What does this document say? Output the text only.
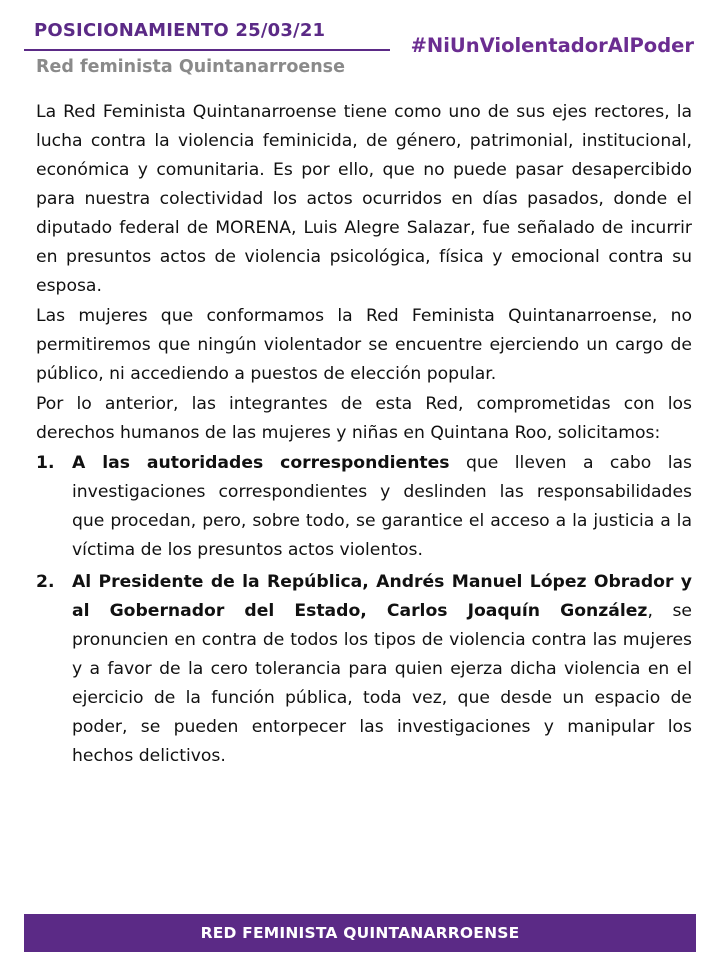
POSICIONAMIENTO 25/03/21
Red feminista Quintanarroense
#NiUnViolentadorAlPoder

La Red Feminista Quintanarroense tiene como uno de sus ejes rectores, la lucha contra la violencia feminicida, de género, patrimonial, institucional, económica y comunitaria. Es por ello, que no puede pasar desapercibido para nuestra colectividad los actos ocurridos en días pasados, donde el diputado federal de MORENA, Luis Alegre Salazar, fue señalado de incurrir en presuntos actos de violencia psicológica, física y emocional contra su esposa.

Las mujeres que conformamos la Red Feminista Quintanarroense, no permitiremos que ningún violentador se encuentre ejerciendo un cargo de público, ni accediendo a puestos de elección popular.

Por lo anterior, las integrantes de esta Red, comprometidas con los derechos humanos de las mujeres y niñas en Quintana Roo, solicitamos:

1. A las autoridades correspondientes que lleven a cabo las investigaciones correspondientes y deslinden las responsabilidades que procedan, pero, sobre todo, se garantice el acceso a la justicia a la víctima de los presuntos actos violentos.
2. Al Presidente de la República, Andrés Manuel López Obrador y al Gobernador del Estado, Carlos Joaquín González, se pronuncien en contra de todos los tipos de violencia contra las mujeres y a favor de la cero tolerancia para quien ejerza dicha violencia en el ejercicio de la función pública, toda vez, que desde un espacio de poder, se pueden entorpecer las investigaciones y manipular los hechos delictivos.
RED FEMINISTA QUINTANARROENSE
